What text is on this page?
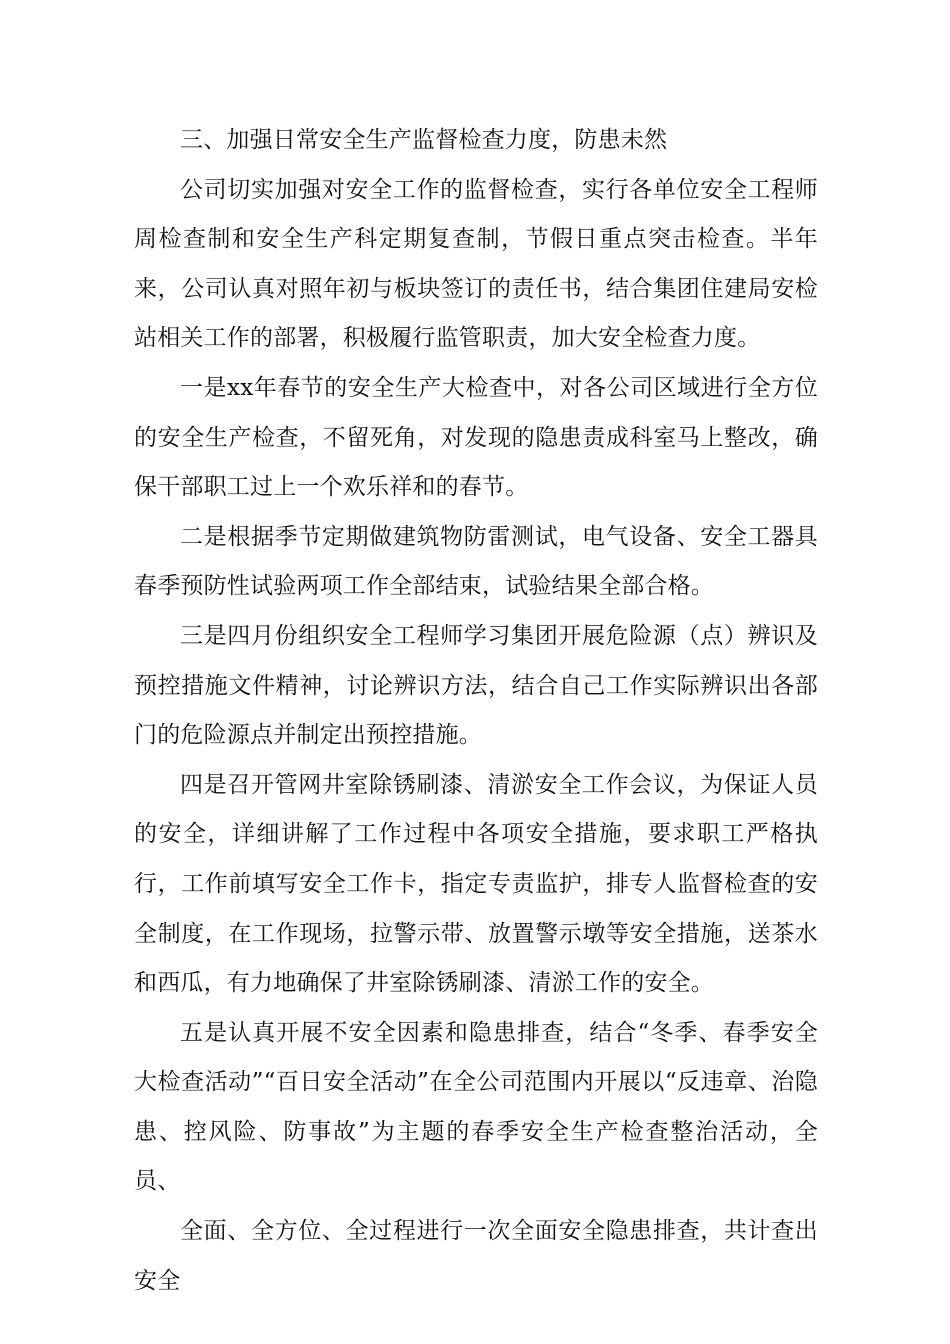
三、加强日常安全生产监督检查力度，防患未然

公司切实加强对安全工作的监督检查，实行各单位安全工程师周检查制和安全生产科定期复查制，节假日重点突击检查。半年来，公司认真对照年初与板块签订的责任书，结合集团住建局安检站相关工作的部署，积极履行监管职责，加大安全检查力度。

一是xx年春节的安全生产大检查中，对各公司区域进行全方位的安全生产检查，不留死角，对发现的隐患责成科室马上整改，确保干部职工过上一个欢乐祥和的春节。

二是根据季节定期做建筑物防雷测试，电气设备、安全工器具春季预防性试验两项工作全部结束，试验结果全部合格。

三是四月份组织安全工程师学习集团开展危险源（点）辨识及预控措施文件精神，讨论辨识方法，结合自己工作实际辨识出各部门的危险源点并制定出预控措施。

四是召开管网井室除锈刷漆、清淤安全工作会议，为保证人员的安全，详细讲解了工作过程中各项安全措施，要求职工严格执行，工作前填写安全工作卡，指定专责监护，排专人监督检查的安全制度，在工作现场，拉警示带、放置警示墩等安全措施，送茶水和西瓜，有力地确保了井室除锈刷漆、清淤工作的安全。

五是认真开展不安全因素和隐患排查，结合“冬季、春季安全大检查活动”“百日安全活动”在全公司范围内开展以“反违章、治隐患、控风险、防事故”为主题的春季安全生产检查整治活动，全员、

全面、全方位、全过程进行一次全面安全隐患排查，共计查出安全
